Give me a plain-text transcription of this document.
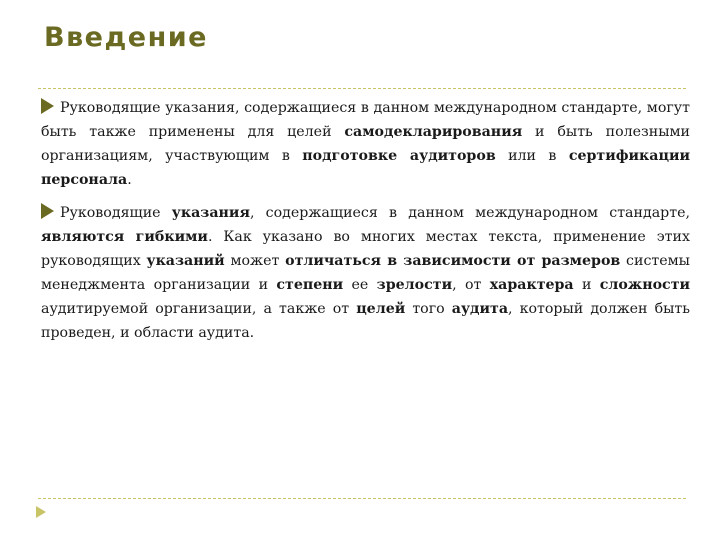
Введение

Руководящие указания, содержащиеся в данном международном стандарте, могут быть также применены для целей самодекларирования и быть полезными организациям, участвующим в подготовке аудиторов или в сертификации персонала.

Руководящие указания, содержащиеся в данном международном стандарте, являются гибкими. Как указано во многих местах текста, применение этих руководящих указаний может отличаться в зависимости от размеров системы менеджмента организации и степени ее зрелости, от характера и сложности аудитируемой организации, а также от целей того аудита, который должен быть проведен, и области аудита.
